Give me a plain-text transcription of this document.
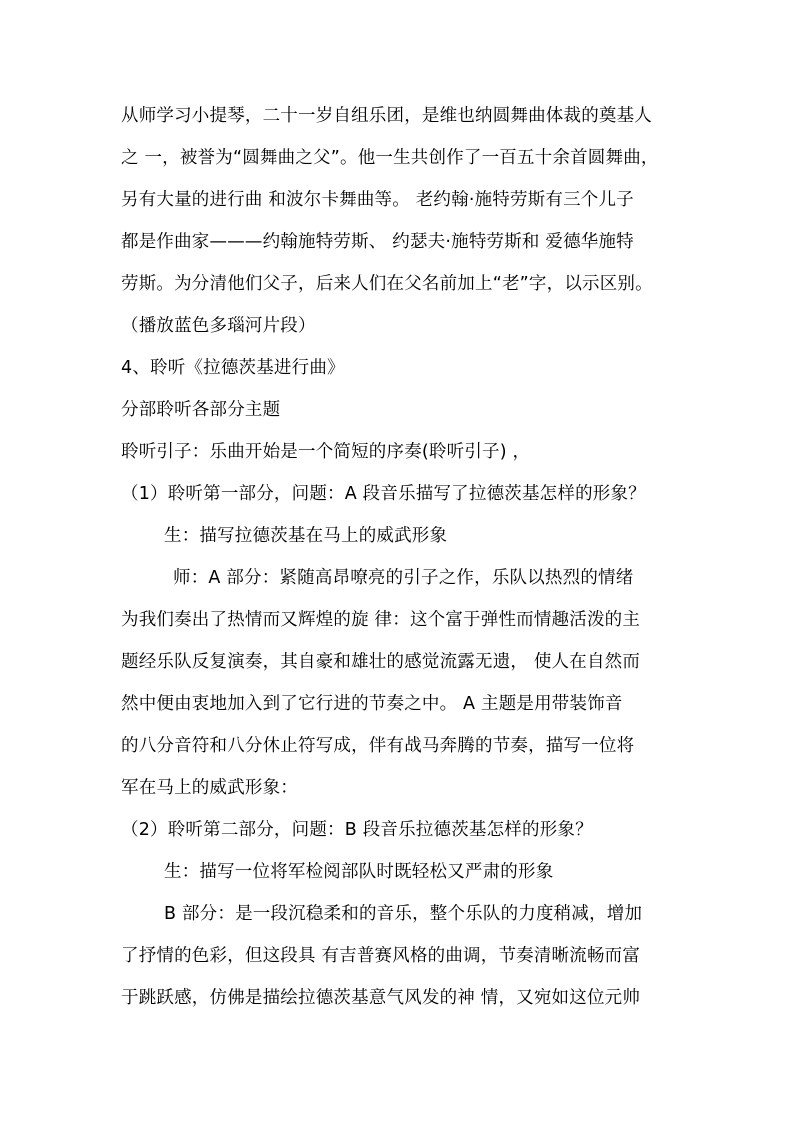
从师学习小提琴，二十一岁自组乐团，是维也纳圆舞曲体裁的奠基人
之 一，被誉为“圆舞曲之父”。他一生共创作了一百五十余首圆舞曲，
另有大量的进行曲 和波尔卡舞曲等。 老约翰·施特劳斯有三个儿子
都是作曲家———约翰施特劳斯、 约瑟夫·施特劳斯和 爱德华施特
劳斯。为分清他们父子，后来人们在父名前加上“老”字，以示区别。
（播放蓝色多瑙河片段）
4、聆听《拉德茨基进行曲》
分部聆听各部分主题
聆听引子：乐曲开始是一个简短的序奏(聆听引子) ，
（1）聆听第一部分，问题：A 段音乐描写了拉德茨基怎样的形象？
生：描写拉德茨基在马上的威武形象
师：A 部分：紧随高昂嘹亮的引子之作，乐队以热烈的情绪
为我们奏出了热情而又辉煌的旋 律：这个富于弹性而情趣活泼的主
题经乐队反复演奏，其自豪和雄壮的感觉流露无遗， 使人在自然而
然中便由衷地加入到了它行进的节奏之中。 A 主题是用带装饰音
的八分音符和八分休止符写成，伴有战马奔腾的节奏，描写一位将
军在马上的威武形象：
（2）聆听第二部分，问题：B 段音乐拉德茨基怎样的形象？
生：描写一位将军检阅部队时既轻松又严肃的形象
B 部分：是一段沉稳柔和的音乐，整个乐队的力度稍减，增加
了抒情的色彩，但这段具 有吉普赛风格的曲调，节奏清晰流畅而富
于跳跃感，仿佛是描绘拉德茨基意气风发的神 情，又宛如这位元帅
